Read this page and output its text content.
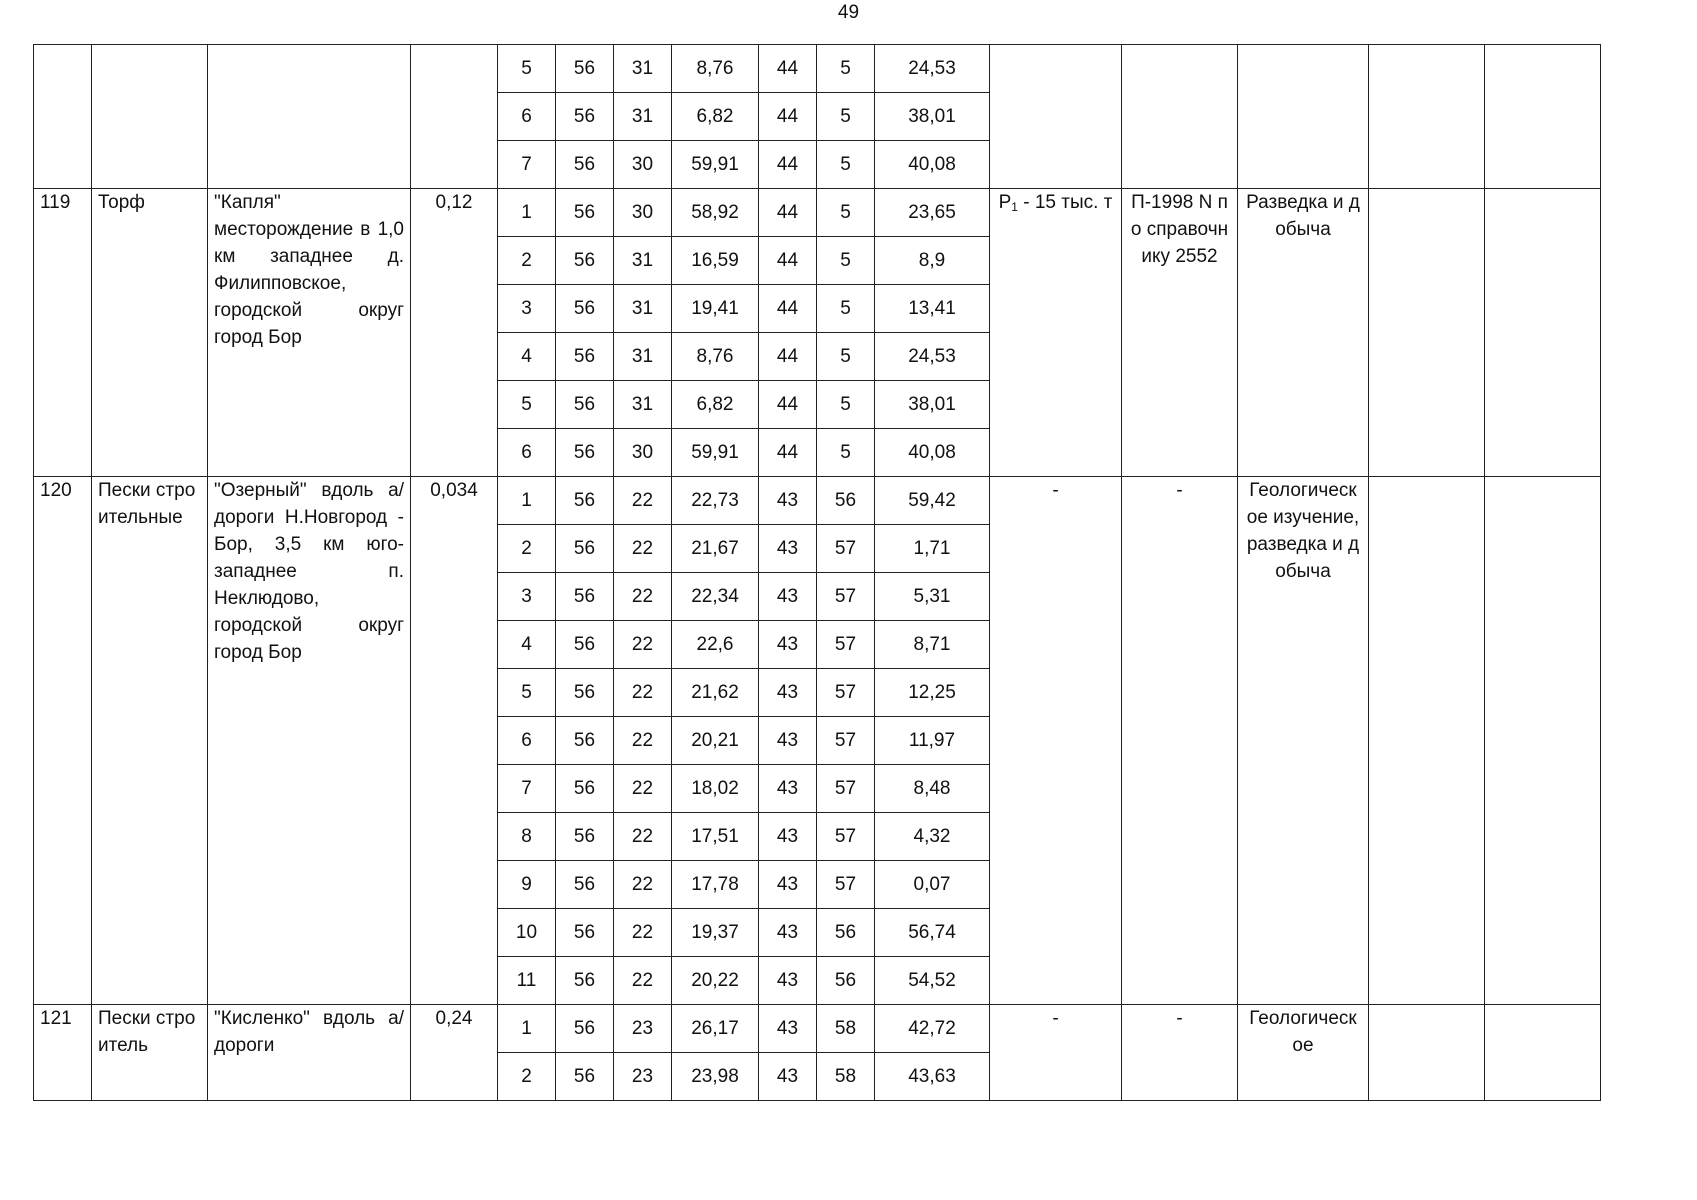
49
				5	56	31	8,76	44	5	24,53					
				6	56	31	6,82	44	5	38,01					
				7	56	30	59,91	44	5	40,08					
119	Торф	"Капля" месторождение в 1,0 км западнее д. Филипповское, городской округ город Бор	0,12	1	56	30	58,92	44	5	23,65	$P_1 - 15$ тыс. т	П-1998 N по справочнику 2552	Разведка и добыча		
				2	56	31	16,59	44	5	8,9					
				3	56	31	19,41	44	5	13,41					
				4	56	31	8,76	44	5	24,53					
				5	56	31	6,82	44	5	38,01					
				6	56	30	59,91	44	5	40,08					
120	Пески строительные	"Озерный" вдоль а/дороги Н.Новгород - Бор, 3,5 км юго-западнее п. Неклюдово, городской округ город Бор	0,034	1	56	22	22,73	43	56	59,42	-	-	Геологическое изучение, разведка и добыча		
				2	56	22	21,67	43	57	1,71					
				3	56	22	22,34	43	57	5,31					
				4	56	22	22,6	43	57	8,71					
				5	56	22	21,62	43	57	12,25					
				6	56	22	20,21	43	57	11,97					
				7	56	22	18,02	43	57	8,48					
				8	56	22	17,51	43	57	4,32					
				9	56	22	17,78	43	57	0,07					
				10	56	22	19,37	43	56	56,74					
				11	56	22	20,22	43	56	54,52					
121	Пески строитель	"Кисленко" вдоль а/дороги	0,24	1	56	23	26,17	43	58	42,72	-	-	Геологическое		
				2	56	23	23,98	43	58	43,63					
